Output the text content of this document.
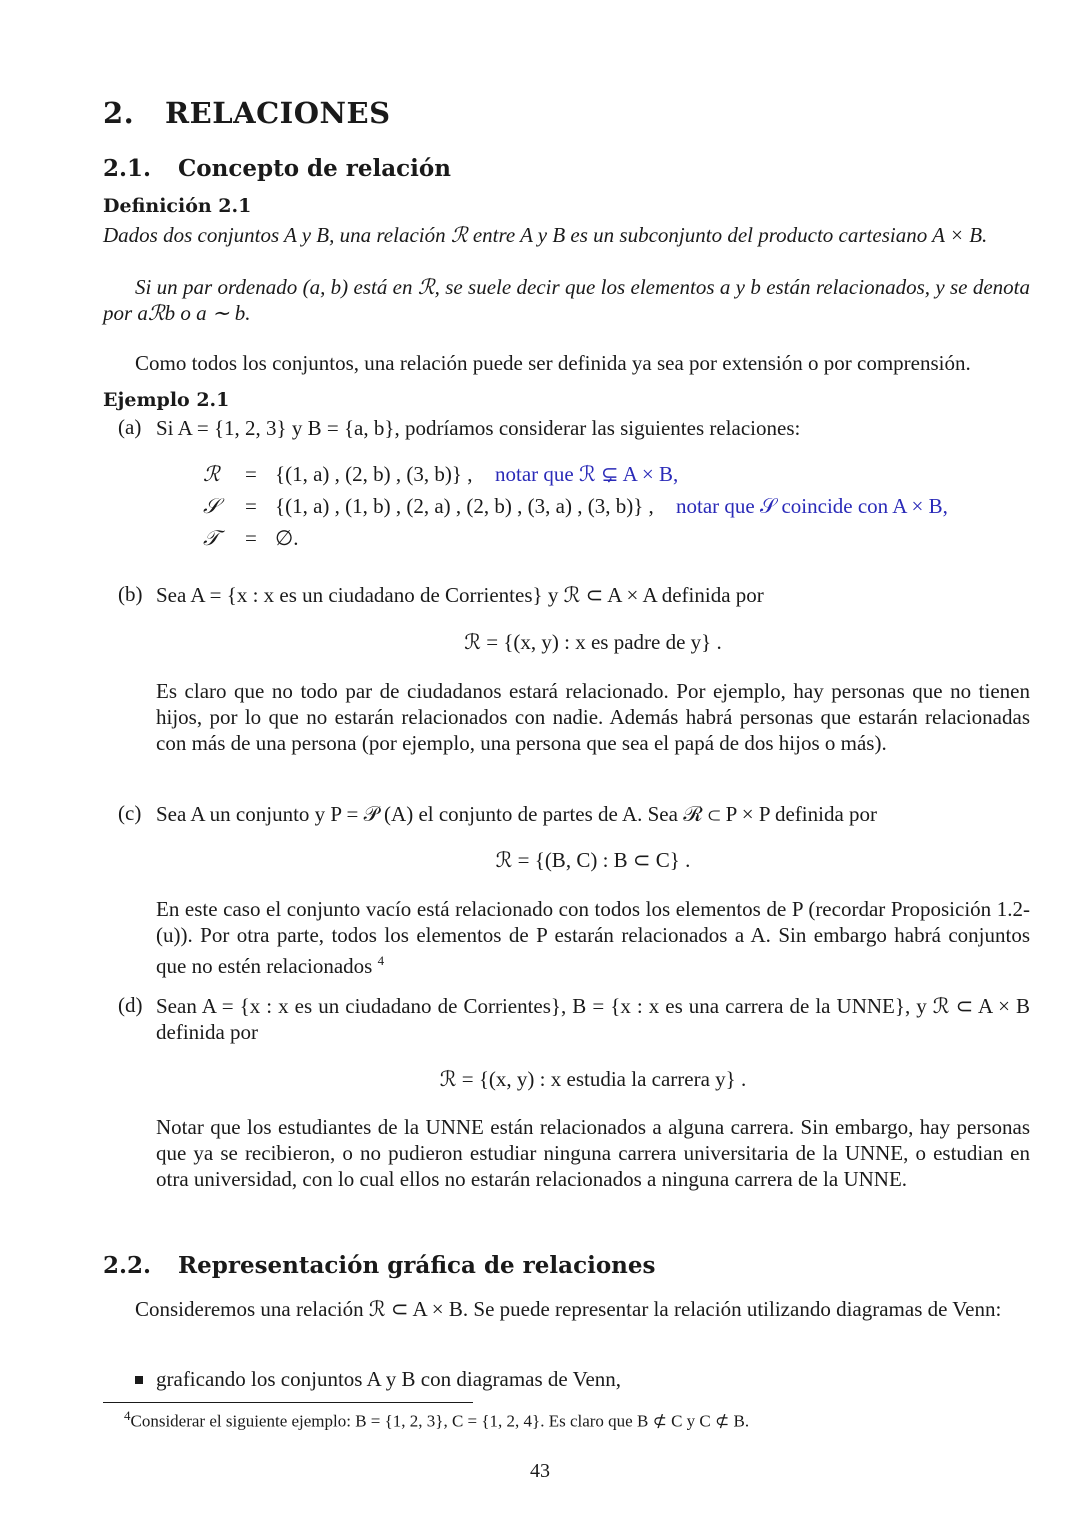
2. RELACIONES
2.1. Concepto de relación
Definición 2.1
Dados dos conjuntos A y B, una relación ℛ entre A y B es un subconjunto del producto cartesiano A × B.
Si un par ordenado (a, b) está en ℛ, se suele decir que los elementos a y b están relacionados, y se denota por aℛb o a ∼ b.
Como todos los conjuntos, una relación puede ser definida ya sea por extensión o por comprensión.
Ejemplo 2.1
(a) Si A = {1, 2, 3} y B = {a, b}, podríamos considerar las siguientes relaciones:
ℛ = {(1, a) , (2, b) , (3, b)} , notar que ℛ ⊊ A × B,
𝒮 = {(1, a) , (1, b) , (2, a) , (2, b) , (3, a) , (3, b)} , notar que 𝒮 coincide con A × B,
𝒯 = ∅.
(b) Sea A = {x : x es un ciudadano de Corrientes} y ℛ ⊂ A × A definida por
ℛ = {(x, y) : x es padre de y} .
Es claro que no todo par de ciudadanos estará relacionado. Por ejemplo, hay personas que no tienen hijos, por lo que no estarán relacionados con nadie. Además habrá personas que estarán relacionadas con más de una persona (por ejemplo, una persona que sea el papá de dos hijos o más).
(c) Sea A un conjunto y P = 𝒫 (A) el conjunto de partes de A. Sea ℛ ⊂ P × P definida por
ℛ = {(B, C) : B ⊂ C} .
En este caso el conjunto vacío está relacionado con todos los elementos de P (recordar Proposición 1.2-(u)). Por otra parte, todos los elementos de P estarán relacionados a A. Sin embargo habrá conjuntos que no estén relacionados $^4$
(d) Sean A = {x : x es un ciudadano de Corrientes}, B = {x : x es una carrera de la UNNE}, y ℛ ⊂ A × B definida por
ℛ = {(x, y) : x estudia la carrera y} .
Notar que los estudiantes de la UNNE están relacionados a alguna carrera. Sin embargo, hay personas que ya se recibieron, o no pudieron estudiar ninguna carrera universitaria de la UNNE, o estudian en otra universidad, con lo cual ellos no estarán relacionados a ninguna carrera de la UNNE.
2.2. Representación gráfica de relaciones
Consideremos una relación ℛ ⊂ A × B. Se puede representar la relación utilizando diagramas de Venn:
graficando los conjuntos A y B con diagramas de Venn,
$^4$Considerar el siguiente ejemplo: B = {1, 2, 3}, C = {1, 2, 4}. Es claro que B ⊄ C y C ⊄ B.
43
